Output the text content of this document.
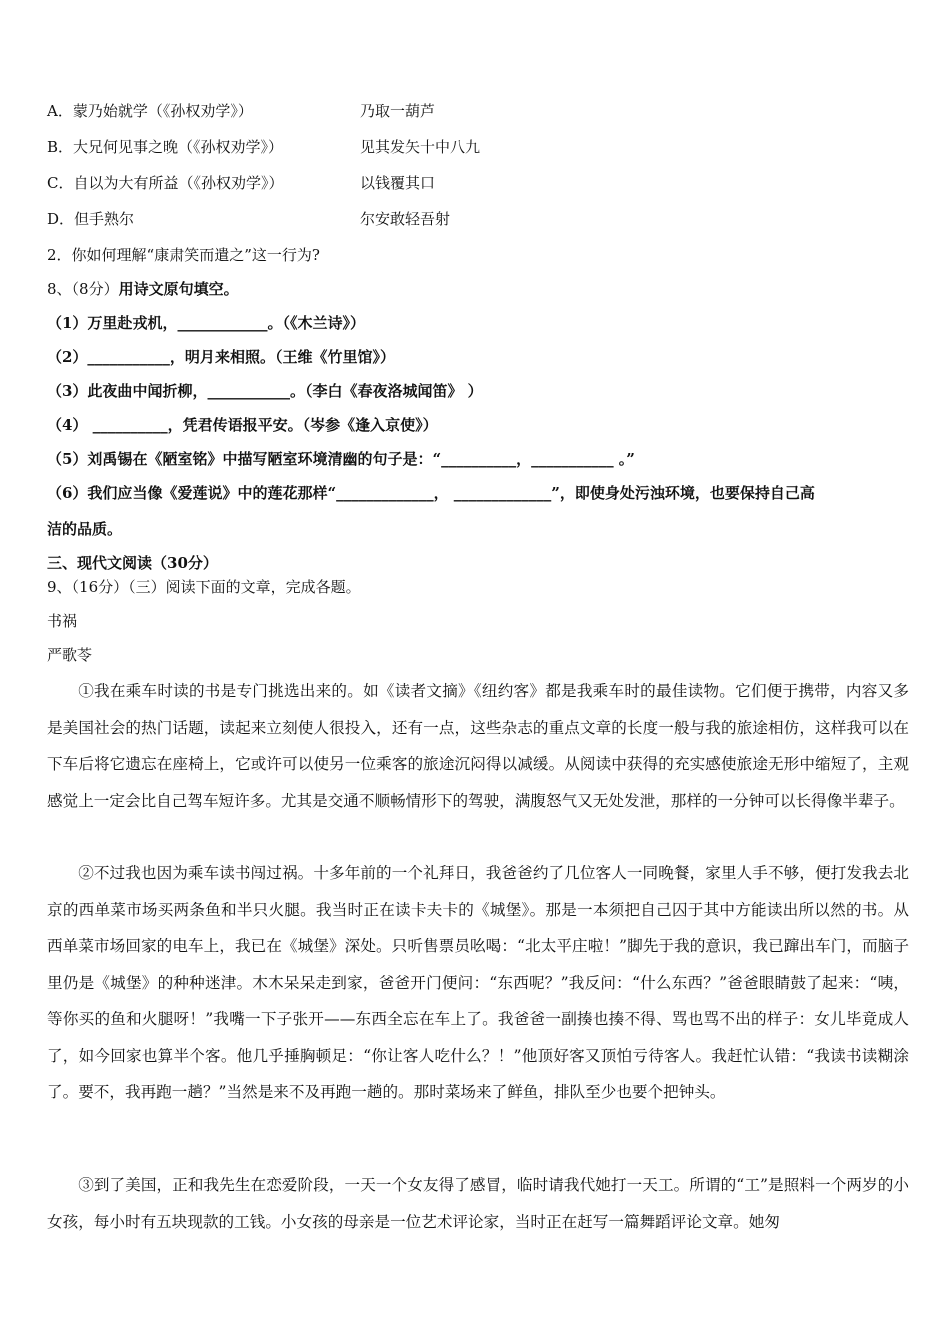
A．蒙乃始就学（《孙权劝学》）	乃取一葫芦
B．大兄何见事之晚（《孙权劝学》）	见其发矢十中八九
C．自以为大有所益（《孙权劝学》）	以钱覆其口
D．但手熟尔	尔安敢轻吾射
2．你如何理解“康肃笑而遣之”这一行为?
8、（8分）用诗文原句填空。
（1）万里赴戎机，____________。（《木兰诗》）
（2）___________，明月来相照。（王维《竹里馆》）
（3）此夜曲中闻折柳，___________。（李白《春夜洛城闻笛》 ）
（4） __________，凭君传语报平安。（岑参《逢入京使》）
（5）刘禹锡在《陋室铭》中描写陋室环境清幽的句子是：“__________，___________ 。”
（6）我们应当像《爱莲说》中的莲花那样“_____________， _____________”，即使身处污浊环境，也要保持自己高
洁的品质。
三、现代文阅读（30分）
9、（16分）（三）阅读下面的文章，完成各题。
书祸
严歌苓
①我在乘车时读的书是专门挑选出来的。如《读者文摘》《纽约客》都是我乘车时的最佳读物。它们便于携带，内容又多是美国社会的热门话题，读起来立刻使人很投入，还有一点，这些杂志的重点文章的长度一般与我的旅途相仿，这样我可以在下车后将它遗忘在座椅上，它或许可以使另一位乘客的旅途沉闷得以减缓。从阅读中获得的充实感使旅途无形中缩短了，主观感觉上一定会比自己驾车短许多。尤其是交通不顺畅情形下的驾驶，满腹怒气又无处发泄，那样的一分钟可以长得像半辈子。
②不过我也因为乘车读书闯过祸。十多年前的一个礼拜日，我爸爸约了几位客人一同晚餐，家里人手不够，便打发我去北京的西单菜市场买两条鱼和半只火腿。我当时正在读卡夫卡的《城堡》。那是一本须把自己囚于其中方能读出所以然的书。从西单菜市场回家的电车上，我已在《城堡》深处。只听售票员吆喝：“北太平庄啦！”脚先于我的意识，我已蹿出车门，而脑子里仍是《城堡》的种种迷津。木木呆呆走到家，爸爸开门便问：“东西呢？”我反问：“什么东西？”爸爸眼睛鼓了起来：“咦，等你买的鱼和火腿呀！”我嘴一下子张开——东西全忘在车上了。我爸爸一副揍也揍不得、骂也骂不出的样子：女儿毕竟成人了，如今回家也算半个客。他几乎捶胸顿足：“你让客人吃什么？！”他顶好客又顶怕亏待客人。我赶忙认错：“我读书读糊涂了。要不，我再跑一趟？”当然是来不及再跑一趟的。那时菜场来了鲜鱼，排队至少也要个把钟头。
③到了美国，正和我先生在恋爱阶段，一天一个女友得了感冒，临时请我代她打一天工。所谓的“工”是照料一个两岁的小女孩，每小时有五块现款的工钱。小女孩的母亲是一位艺术评论家，当时正在赶写一篇舞蹈评论文章。她匆
